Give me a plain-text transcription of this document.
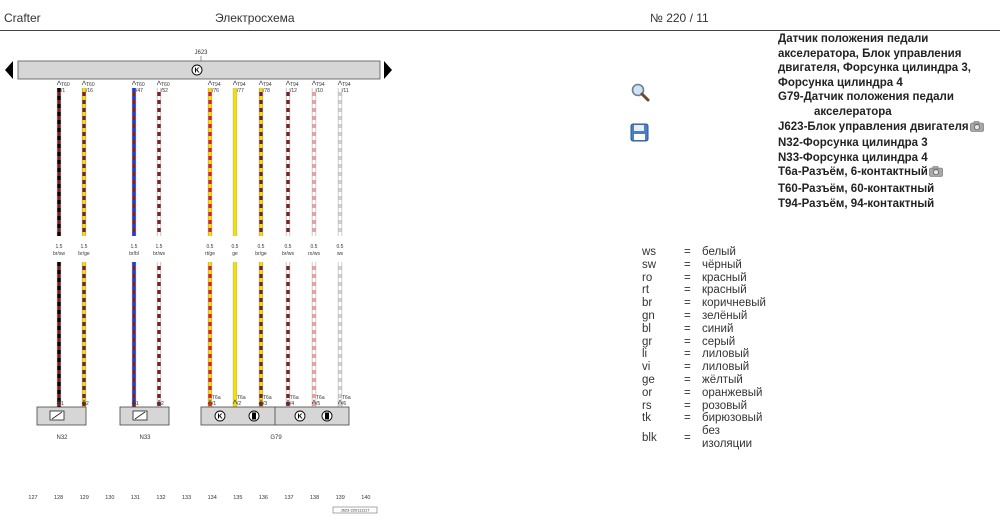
Crafter	Электросхема	№ 220 / 11
J623
K
T60
/1
1
T60
/16
2
T60
/47
1
T60
/52
2
T94
/76
T6a
/1
T94
/77
T6a
/2
T94
/78
T6a
/3
T94
/12
T6a
/4
T94
/10
T6a
/5
T94
/11
T6a
/6
1.5
br/sw
1.5
br/ge
1.5
br/bl
1.5
br/ws
0.5
rt/ge
0.5
ge
0.5
br/ge
0.5
br/ws
0.5
ro/ws
0.5
ws
K	K
N32	N33	G79
127	128	129	130	131	132	133	134	135	136	137	138	139	140
J623-220111117
Датчик положения педали
акселератора, Блок управления
двигателя, Форсунка цилиндра 3,
Форсунка цилиндра 4
G79-Датчик положения педали
акселератора
J623-Блок управления двигателя
N32-Форсунка цилиндра 3
N33-Форсунка цилиндра 4
T6a-Разъём, 6-контактный
T60-Разъём, 60-контактный
T94-Разъём, 94-контактный
ws = белый
sw = чёрный
ro	= красный
rt	= красный
br	= коричневый
gn	= зелёный
bl	= синий
gr	= серый
li	= лиловый
vi	= лиловый
ge	= жёлтый
or	= оранжевый
rs	= розовый
tk	= бирюзовый
blk =
без изоляции
